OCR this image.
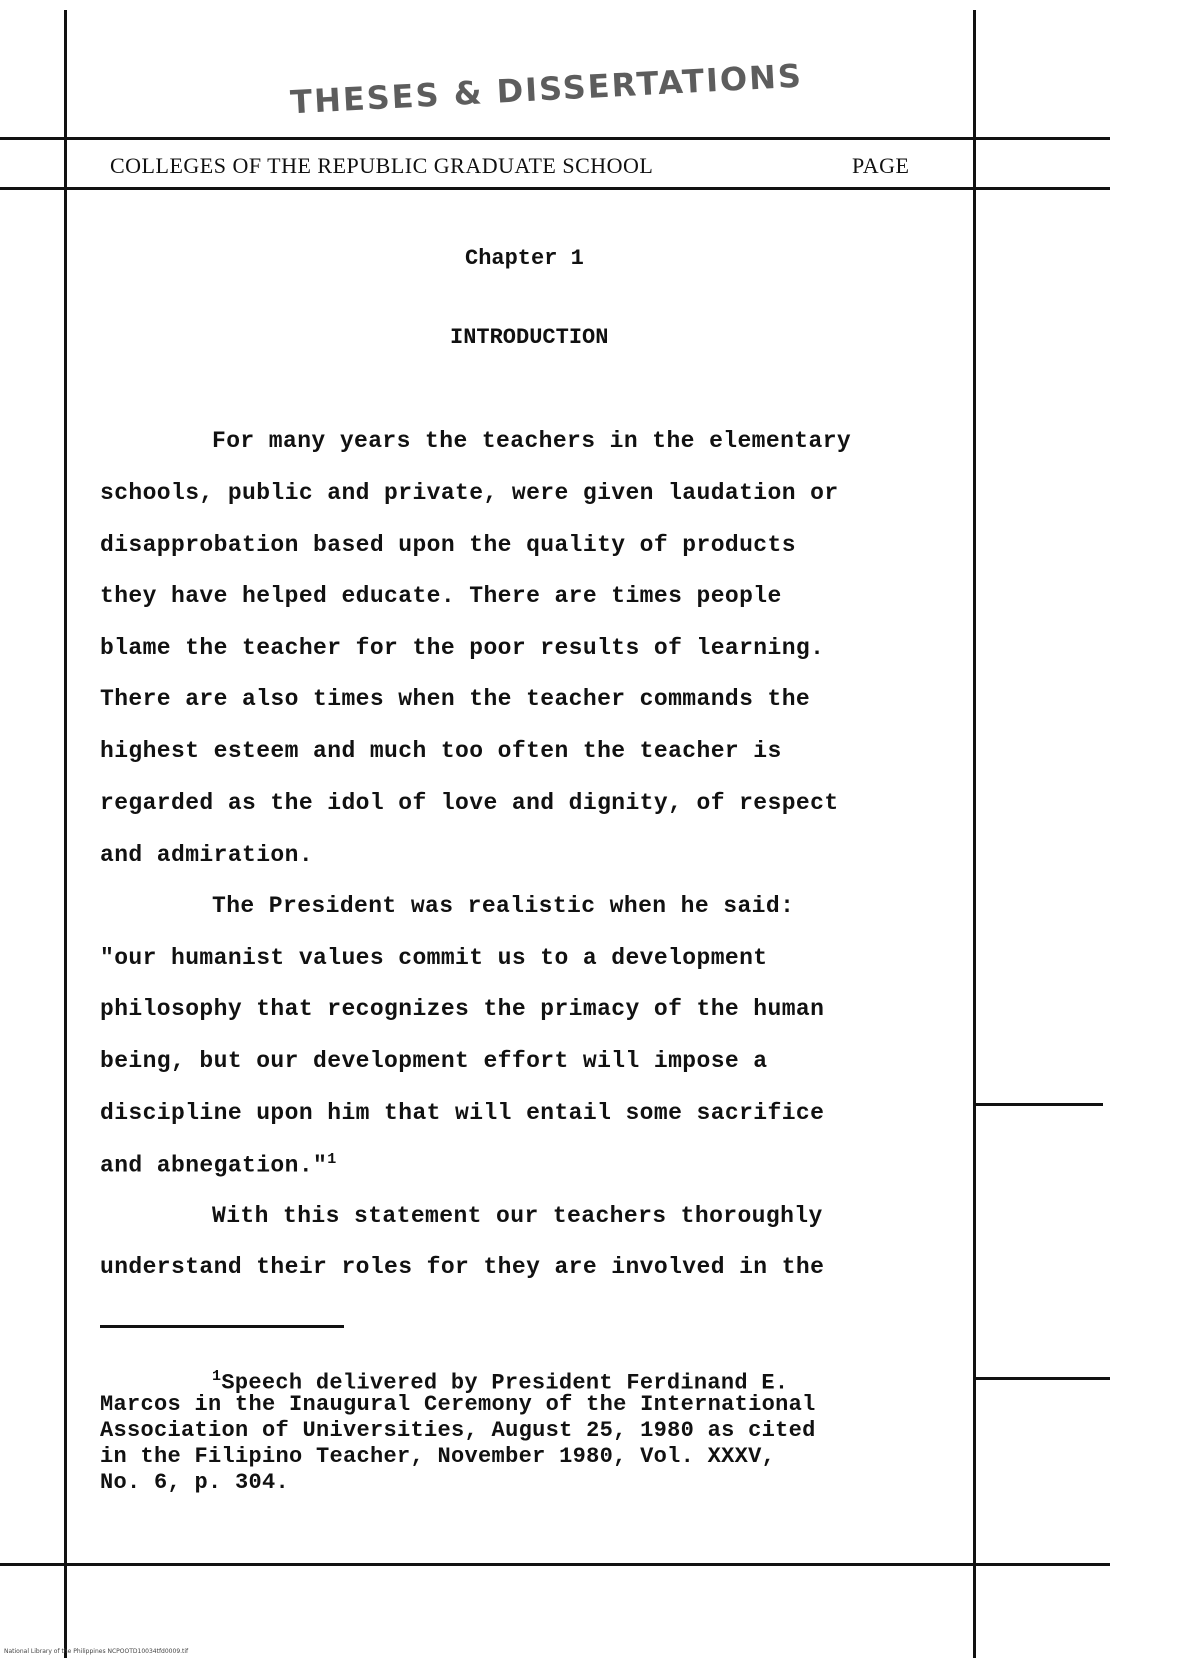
THESES & DISSERTATIONS
COLLEGES OF THE REPUBLIC GRADUATE SCHOOL	PAGE
Chapter 1
INTRODUCTION
For many years the teachers in the elementary
schools, public and private, were given laudation or
disapprobation based upon the quality of products
they have helped educate. There are times people
blame the teacher for the poor results of learning.
There are also times when the teacher commands the
highest esteem and much too often the teacher is
regarded as the idol of love and dignity, of respect
and admiration.
The President was realistic when he said:
"our humanist values commit us to a development
philosophy that recognizes the primacy of the human
being, but our development effort will impose a
discipline upon him that will entail some sacrifice
and abnegation."$^1$
With this statement our teachers thoroughly
understand their roles for they are involved in the
$^1$Speech delivered by President Ferdinand E.
Marcos in the Inaugural Ceremony of the International
Association of Universities, August 25, 1980 as cited
in the Filipino Teacher, November 1980, Vol. XXXV,
No. 6, p. 304.
National Library of the Philippines NCPOOTD10034tfd0009.tif
